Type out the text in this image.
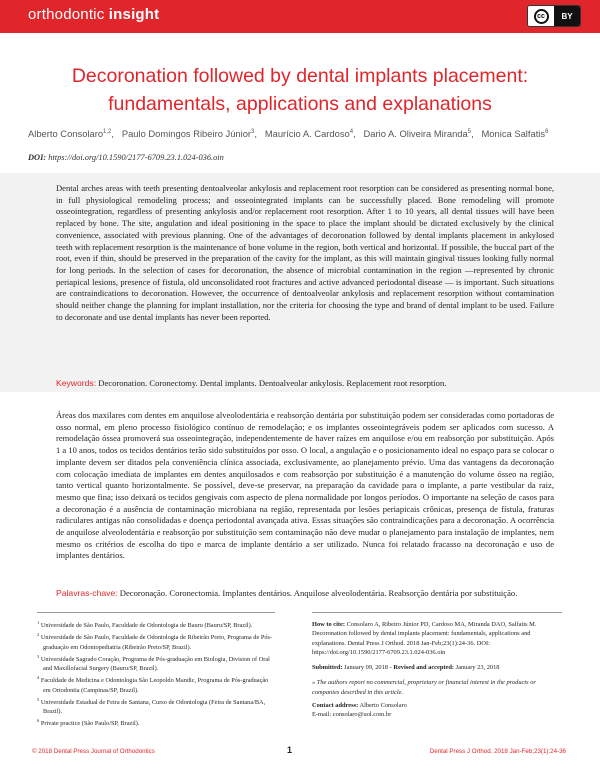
orthodontic insight	cc	BY
Decoronation followed by dental implants placement: fundamentals, applications and explanations
Alberto Consolaro$^{1,2}$,   Paulo Domingos Ribeiro Júnior$^3$,   Maurício A. Cardoso$^4$,   Dario A. Oliveira Miranda$^5$,   Monica Salfatis$^6$
DOI: https://doi.org/10.1590/2177-6709.23.1.024-036.oin
Dental arches areas with teeth presenting dentoalveolar ankylosis and replacement root resorption can be considered as presenting normal bone, in full physiological remodeling process; and osseointegrated implants can be successfully placed. Bone remodeling will promote osseointegration, regardless of presenting ankylosis and/or replacement root resorption. After 1 to 10 years, all dental tissues will have been replaced by bone. The site, angulation and ideal positioning in the space to place the implant should be dictated exclusively by the clinical convenience, associated with previous planning. One of the advantages of decoronation followed by dental implants placement in ankylosed teeth with replacement resorption is the maintenance of bone volume in the region, both vertical and horizontal. If possible, the buccal part of the root, even if thin, should be preserved in the preparation of the cavity for the implant, as this will maintain gingival tissues looking fully normal for long periods. In the selection of cases for decoronation, the absence of microbial contamination in the region —represented by chronic periapical lesions, presence of fistula, old unconsolidated root fractures and active advanced periodontal disease — is important. Such situations are contraindications to decoronation. However, the occurrence of dentoalveolar ankylosis and replacement resorption without contamination should neither change the planning for implant installation, nor the criteria for choosing the type and brand of dental implant to be used. Failure to decoronate and use dental implants has never been reported.
Keywords: Decoronation. Coronectomy. Dental implants. Dentoalveolar ankylosis. Replacement root resorption.
Áreas dos maxilares com dentes em anquilose alveolodentária e reabsorção dentária por substituição podem ser consideradas como portadoras de osso normal, em pleno processo fisiológico contínuo de remodelação; e os implantes osseointegráveis podem ser aplicados com sucesso. A remodelação óssea promoverá sua osseointegração, independentemente de haver raízes em anquilose e/ou em reabsorção por substituição. Após 1 a 10 anos, todos os tecidos dentários terão sido substituídos por osso. O local, a angulação e o posicionamento ideal no espaço para se colocar o implante devem ser ditados pela conveniência clínica associada, exclusivamente, ao planejamento prévio. Uma das vantagens da decoronação com colocação imediata de implantes em dentes anquilosados e com reabsorção por substituição é a manutenção do volume ósseo na região, tanto vertical quanto horizontalmente. Se possível, deve-se preservar, na preparação da cavidade para o implante, a parte vestibular da raiz, mesmo que fina; isso deixará os tecidos gengivais com aspecto de plena normalidade por longos períodos. O importante na seleção de casos para a decoronação é a ausência de contaminação microbiana na região, representada por lesões periapicais crônicas, presença de fístula, fraturas radiculares antigas não consolidadas e doença periodontal avançada ativa. Essas situações são contraindicações para a decoronação. A ocorrência de anquilose alveolodentária e reabsorção por substituição sem contaminação não deve mudar o planejamento para instalação de implantes, nem mesmo os critérios de escolha do tipo e marca de implante dentário a ser utilizado. Nunca foi relatado fracasso na decoronação e uso de implantes dentários.
Palavras-chave: Decoronação. Coronectomia. Implantes dentários. Anquilose alveolodentária. Reabsorção dentária por substituição.

$^1$ Universidade de São Paulo, Faculdade de Odontologia de Bauru (Bauru/SP, Brazil).

$^2$ Universidade de São Paulo, Faculdade de Odontologia de Ribeirão Preto, Programa de Pós-graduação em Odontopediatria (Ribeirão Preto/SP, Brazil).

$^3$ Universidade Sagrado Coração, Programa de Pós-graduação em Biologia, Division of Oral and Maxillofacial Surgery (Bauru/SP, Brazil).

$^4$ Faculdade de Medicina e Odontologia São Leopoldo Mandic, Programa de Pós-graduação em Ortodontia (Campinas/SP, Brazil).

$^5$ Universidade Estadual de Feira de Santana, Curso de Odontologia (Feira de Santana/BA, Brazil).

$^6$ Private practice (São Paulo/SP, Brazil).

How to cite: Consolaro A, Ribeiro Júnior PD, Cardoso MA, Miranda DAO, Salfatis M. Decoronation followed by dental implants placement: fundamentals, applications and explanations. Dental Press J Orthod. 2018 Jan-Feb;23(1):24-36. DOI: https://doi.org/10.1590/2177-6709.23.1.024-036.oin

Submitted: January 09, 2018 - Revised and accepted: January 23, 2018

» The authors report no commercial, proprietary or financial interest in the products or companies described in this article.

Contact address: Alberto Consolaro
E-mail: consolaro@uol.com.br

© 2018 Dental Press Journal of Orthodontics	1	Dental Press J Orthod. 2018 Jan-Feb;23(1):24-36
